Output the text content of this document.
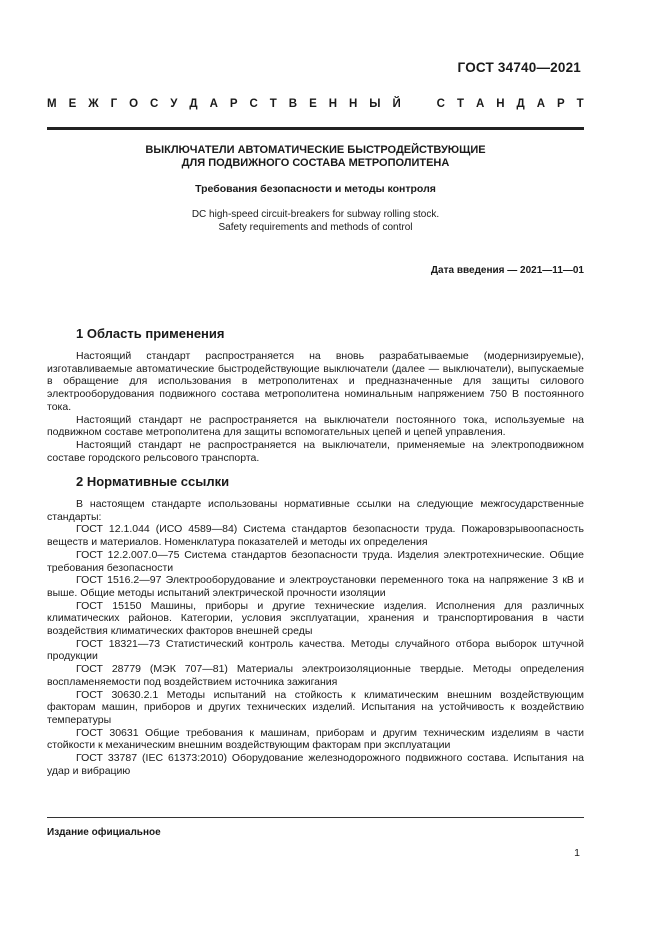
ГОСТ 34740—2021
М Е Ж Г О С У Д А Р С Т В Е Н Н Ы Й	С Т А Н Д А Р Т
ВЫКЛЮЧАТЕЛИ АВТОМАТИЧЕСКИЕ БЫСТРОДЕЙСТВУЮЩИЕ
ДЛЯ ПОДВИЖНОГО СОСТАВА МЕТРОПОЛИТЕНА
Требования безопасности и методы контроля
DC high-speed circuit-breakers for subway rolling stock.
Safety requirements and methods of control
Дата введения — 2021—11—01
1 Область применения

Настоящий стандарт распространяется на вновь разрабатываемые (модернизируемые), изготавливаемые автоматические быстродействующие выключатели (далее — выключатели), выпускаемые в обращение для использования в метрополитенах и предназначенные для защиты силового электрооборудования подвижного состава метрополитена номинальным напряжением 750 В постоянного тока.

Настоящий стандарт не распространяется на выключатели постоянного тока, используемые на подвижном составе метрополитена для защиты вспомогательных цепей и цепей управления.

Настоящий стандарт не распространяется на выключатели, применяемые на электроподвижном составе городского рельсового транспорта.

2 Нормативные ссылки

В настоящем стандарте использованы нормативные ссылки на следующие межгосударственные стандарты:

ГОСТ 12.1.044 (ИСО 4589—84) Система стандартов безопасности труда. Пожаровзрывоопасность веществ и материалов. Номенклатура показателей и методы их определения

ГОСТ 12.2.007.0—75 Система стандартов безопасности труда. Изделия электротехнические. Общие требования безопасности

ГОСТ 1516.2—97 Электрооборудование и электроустановки переменного тока на напряжение 3 кВ и выше. Общие методы испытаний электрической прочности изоляции

ГОСТ 15150 Машины, приборы и другие технические изделия. Исполнения для различных климатических районов. Категории, условия эксплуатации, хранения и транспортирования в части воздействия климатических факторов внешней среды

ГОСТ 18321—73 Статистический контроль качества. Методы случайного отбора выборок штучной продукции

ГОСТ 28779 (МЭК 707—81) Материалы электроизоляционные твердые. Методы определения воспламеняемости под воздействием источника зажигания

ГОСТ 30630.2.1 Методы испытаний на стойкость к климатическим внешним воздействующим факторам машин, приборов и других технических изделий. Испытания на устойчивость к воздействию температуры

ГОСТ 30631 Общие требования к машинам, приборам и другим техническим изделиям в части стойкости к механическим внешним воздействующим факторам при эксплуатации

ГОСТ 33787 (IEC 61373:2010) Оборудование железнодорожного подвижного состава. Испытания на удар и вибрацию

Издание официальное
1
